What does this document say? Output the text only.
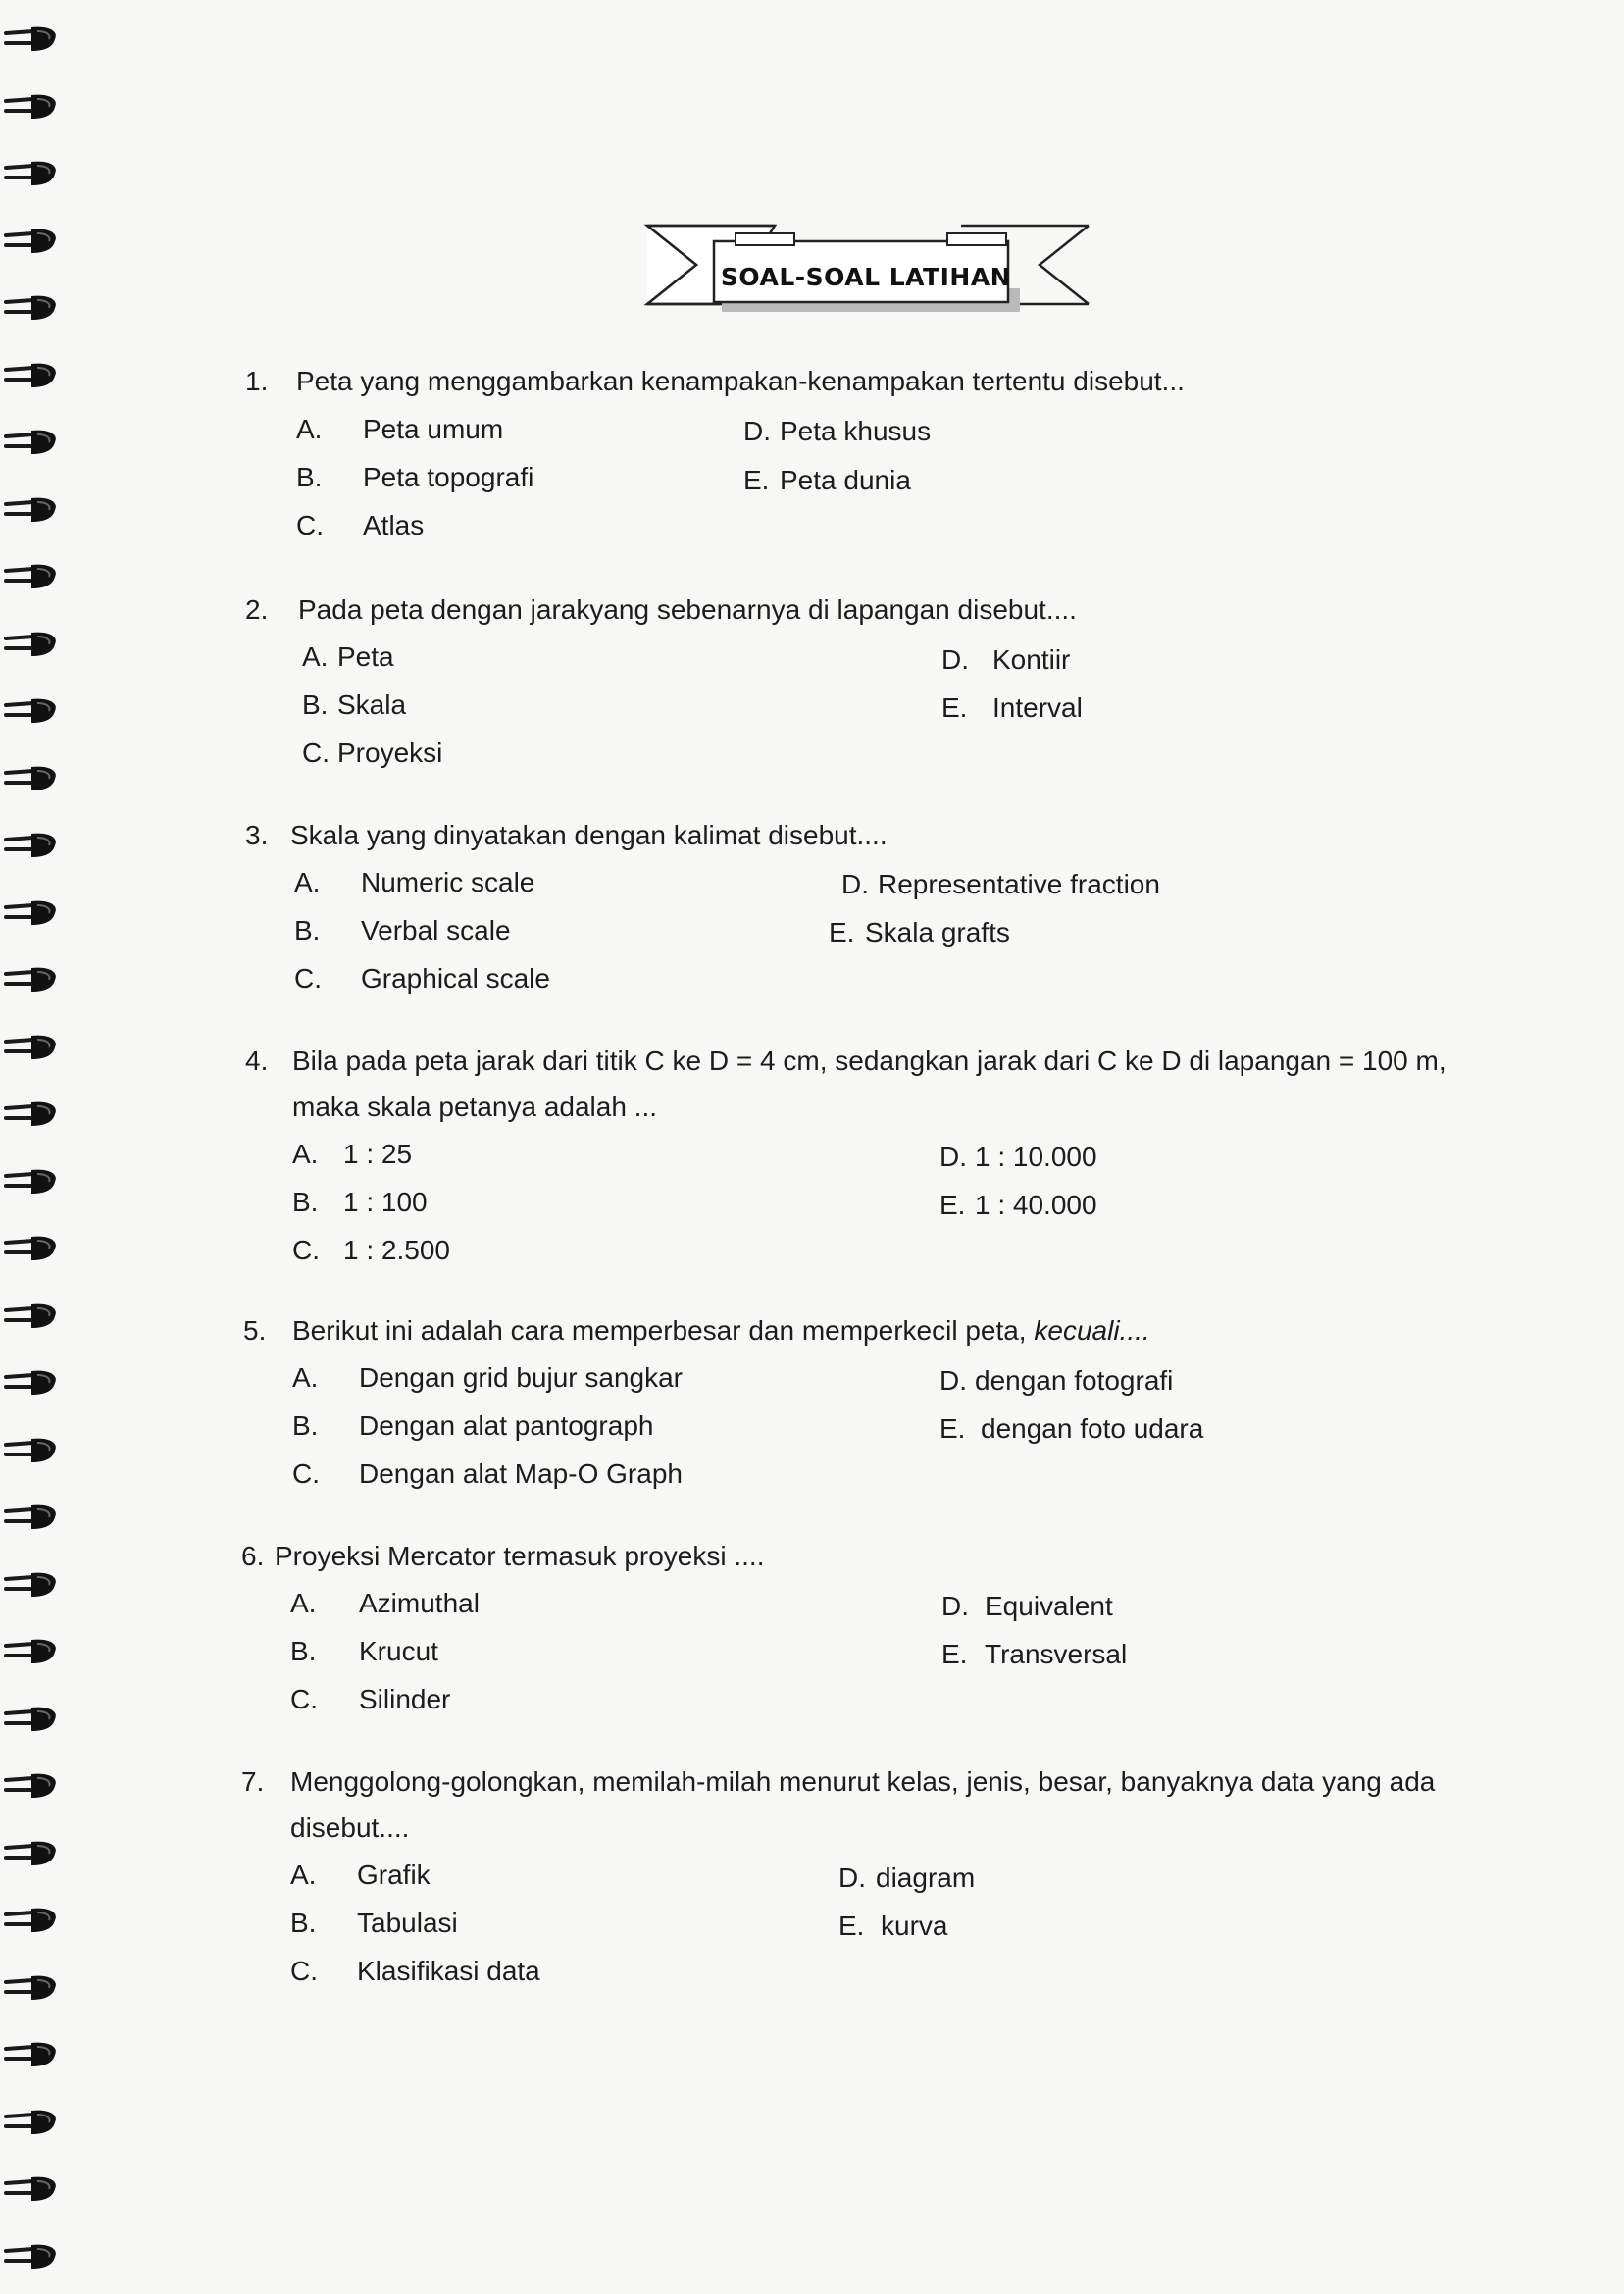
SOAL-SOAL LATIHAN
1. Peta yang menggambarkan kenampakan-kenampakan tertentu disebut...
A. Peta umum
B. Peta topografi
C. Atlas
D. Peta khusus
E. Peta dunia
2. Pada peta dengan jarakyang sebenarnya di lapangan disebut....
A. Peta
B. Skala
C. Proyeksi
D. Kontiir
E. Interval
3. Skala yang dinyatakan dengan kalimat disebut....
A. Numeric scale
B. Verbal scale
C. Graphical scale
D. Representative fraction
E. Skala grafts
4. Bila pada peta jarak dari titik C ke D = 4 cm, sedangkan jarak dari C ke D di lapangan = 100 m,
maka skala petanya adalah ...
A. 1 : 25
B. 1 : 100
C. 1 : 2.500
D. 1 : 10.000
E. 1 : 40.000
5. Berikut ini adalah cara memperbesar dan memperkecil peta, kecuali....
A. Dengan grid bujur sangkar
B. Dengan alat pantograph
C. Dengan alat Map-O Graph
D. dengan fotografi
E. dengan foto udara
6. Proyeksi Mercator termasuk proyeksi ....
A. Azimuthal
B. Krucut
C. Silinder
D. Equivalent
E. Transversal
7. Menggolong-golongkan, memilah-milah menurut kelas, jenis, besar, banyaknya data yang ada
disebut....
A. Grafik
B. Tabulasi
C. Klasifikasi data
D. diagram
E. kurva
